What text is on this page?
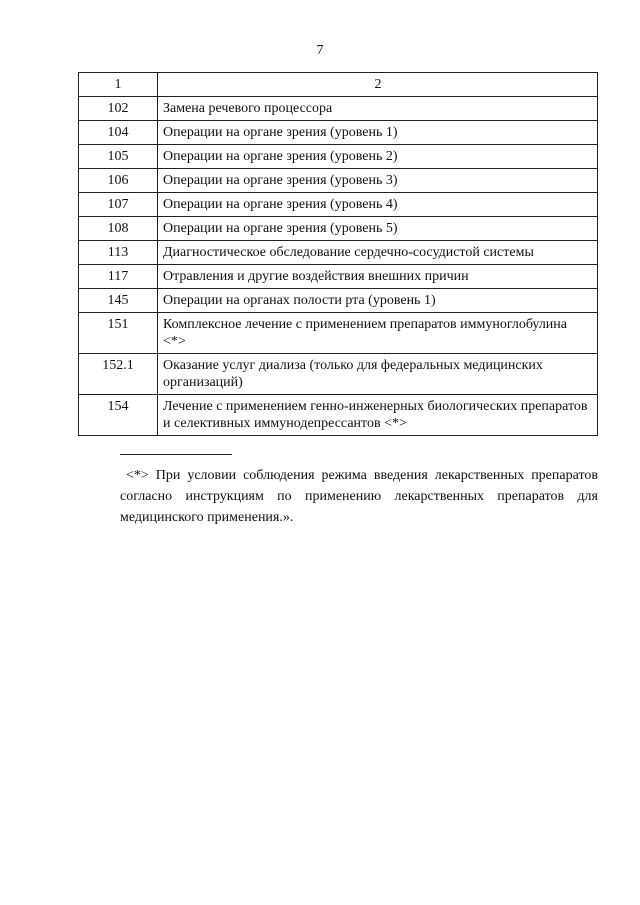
7
1	2
102	Замена речевого процессора
104	Операции на органе зрения (уровень 1)
105	Операции на органе зрения (уровень 2)
106	Операции на органе зрения (уровень 3)
107	Операции на органе зрения (уровень 4)
108	Операции на органе зрения (уровень 5)
113	Диагностическое обследование сердечно-сосудистой системы
117	Отравления и другие воздействия внешних причин
145	Операции на органах полости рта (уровень 1)
151	Комплексное лечение с применением препаратов иммуноглобулина <*>
152.1	Оказание услуг диализа (только для федеральных медицинских организаций)
154	Лечение с применением генно-инженерных биологических препаратов и селективных иммунодепрессантов <*>
<*> При условии соблюдения режима введения лекарственных препаратов согласно инструкциям по применению лекарственных препаратов для медицинского применения.».
